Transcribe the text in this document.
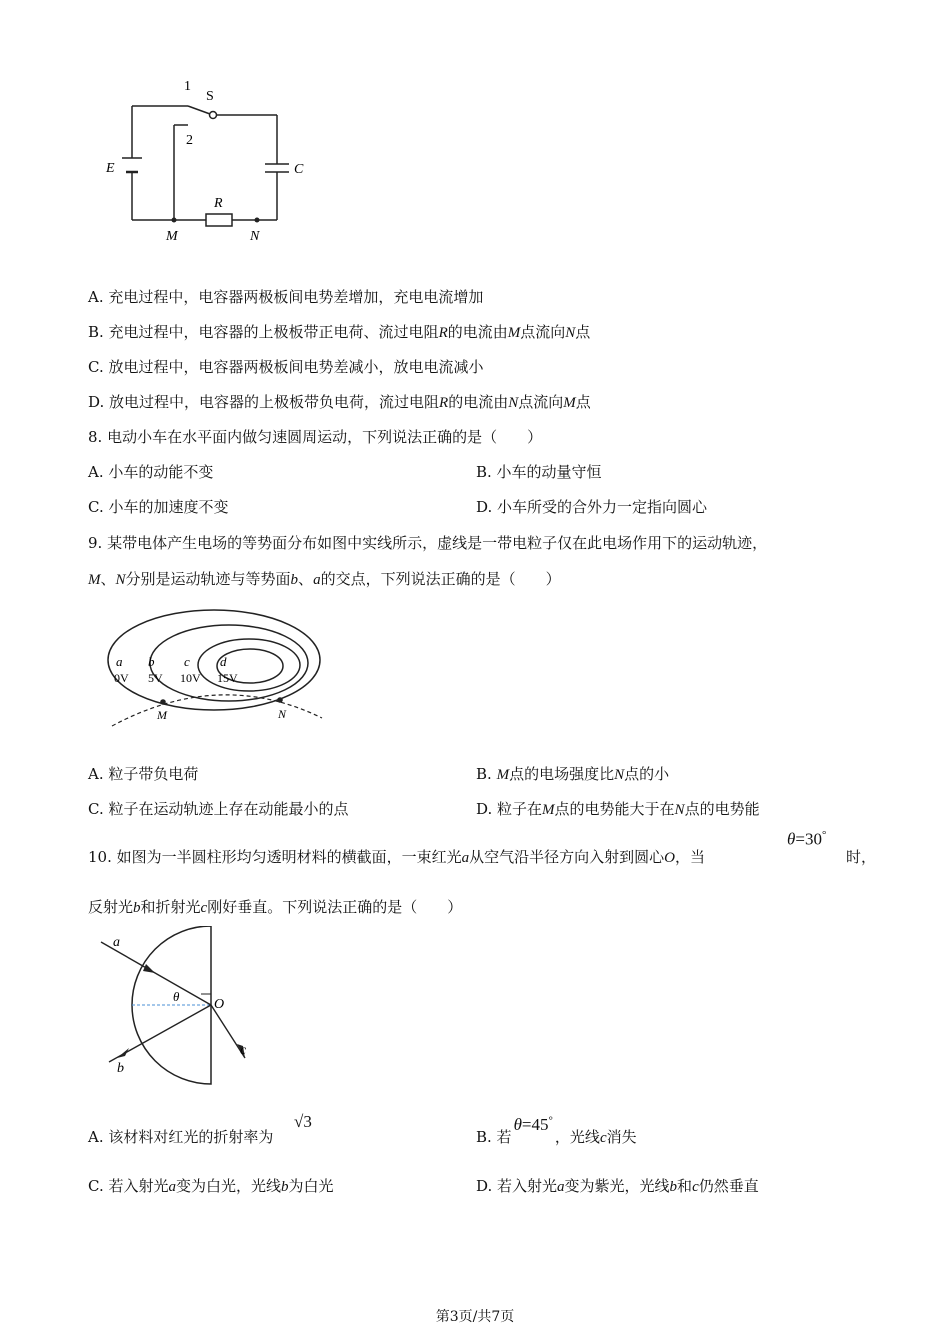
E
1
S
2
C
R
M	N
A. 充电过程中，电容器两极板间电势差增加，充电电流增加
B. 充电过程中，电容器的上极板带正电荷、流过电阻R的电流由M点流向N点
C. 放电过程中，电容器两极板间电势差减小，放电电流减小
D. 放电过程中，电容器的上极板带负电荷，流过电阻R的电流由N点流向M点
8. 电动小车在水平面内做匀速圆周运动，下列说法正确的是（　　）
A. 小车的动能不变	B. 小车的动量守恒
C. 小车的加速度不变	D. 小车所受的合外力一定指向圆心
9. 某带电体产生电场的等势面分布如图中实线所示，虚线是一带电粒子仅在此电场作用下的运动轨迹，
M、N分别是运动轨迹与等势面b、a的交点，下列说法正确的是（　　）
a
0V
b
5V
c
10V
d
15V
M	N
A. 粒子带负电荷	B. M点的电场强度比N点的小
C. 粒子在运动轨迹上存在动能最小的点	D. 粒子在M点的电势能大于在N点的电势能
10. 如图为一半圆柱形均匀透明材料的横截面，一束红光a从空气沿半径方向入射到圆心O，当
θ=30°
时，
反射光b和折射光c刚好垂直。下列说法正确的是（　　）
a
θ
O
b
c
A. 该材料对红光的折射率为
√3
B. 若θ=45°，光线c消失
C. 若入射光a变为白光，光线b为白光	D. 若入射光a变为紫光，光线b和c仍然垂直
第3页/共7页
